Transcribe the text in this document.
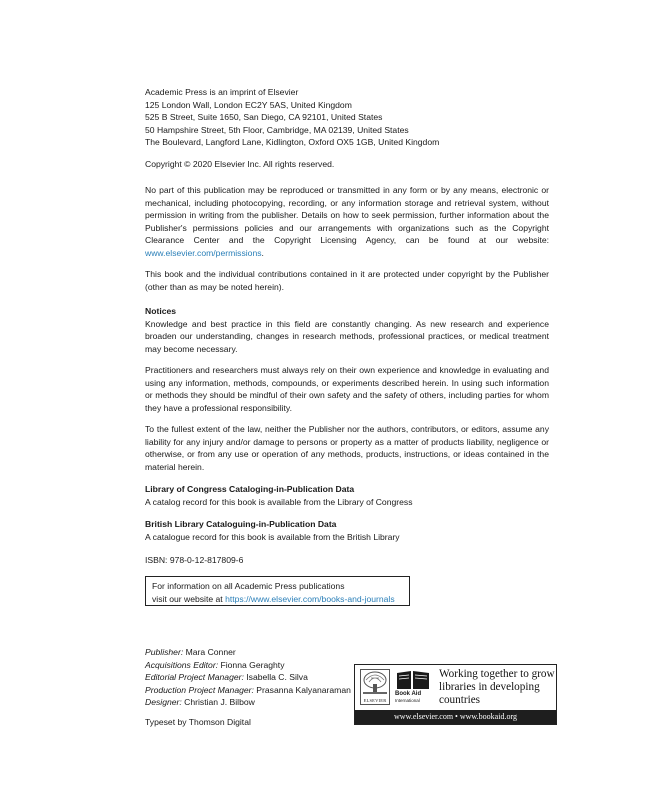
Academic Press is an imprint of Elsevier
125 London Wall, London EC2Y 5AS, United Kingdom
525 B Street, Suite 1650, San Diego, CA 92101, United States
50 Hampshire Street, 5th Floor, Cambridge, MA 02139, United States
The Boulevard, Langford Lane, Kidlington, Oxford OX5 1GB, United Kingdom
Copyright © 2020 Elsevier Inc. All rights reserved.
No part of this publication may be reproduced or transmitted in any form or by any means, electronic or mechanical, including photocopying, recording, or any information storage and retrieval system, without permission in writing from the publisher. Details on how to seek permission, further information about the Publisher's permissions policies and our arrangements with organizations such as the Copyright Clearance Center and the Copyright Licensing Agency, can be found at our website: www.elsevier.com/permissions.
This book and the individual contributions contained in it are protected under copyright by the Publisher (other than as may be noted herein).
Notices
Knowledge and best practice in this field are constantly changing. As new research and experience broaden our understanding, changes in research methods, professional practices, or medical treatment may become necessary.
Practitioners and researchers must always rely on their own experience and knowledge in evaluating and using any information, methods, compounds, or experiments described herein. In using such information or methods they should be mindful of their own safety and the safety of others, including parties for whom they have a professional responsibility.
To the fullest extent of the law, neither the Publisher nor the authors, contributors, or editors, assume any liability for any injury and/or damage to persons or property as a matter of products liability, negligence or otherwise, or from any use or operation of any methods, products, instructions, or ideas contained in the material herein.
Library of Congress Cataloging-in-Publication Data
A catalog record for this book is available from the Library of Congress
British Library Cataloguing-in-Publication Data
A catalogue record for this book is available from the British Library
ISBN: 978-0-12-817809-6
For information on all Academic Press publications
visit our website at https://www.elsevier.com/books-and-journals
Publisher: Mara Conner
Acquisitions Editor: Fionna Geraghty
Editorial Project Manager: Isabella C. Silva
Production Project Manager: Prasanna Kalyanaraman
Designer: Christian J. Bilbow
Typeset by Thomson Digital
ELSEVIER
Book Aid
International
Working together to grow libraries in developing countries
www.elsevier.com • www.bookaid.org
